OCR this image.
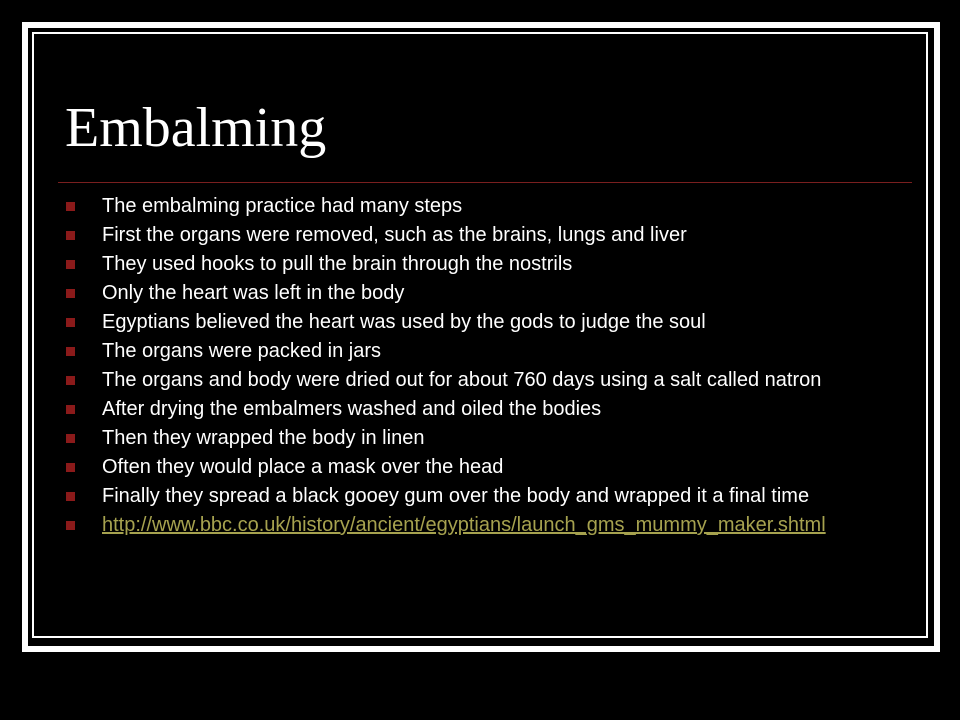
Embalming
The embalming practice had many steps
First the organs were removed, such as the brains, lungs and liver
They used hooks to pull the brain through the nostrils
Only the heart was left in the body
Egyptians believed the heart was used by the gods to judge the soul
The organs were packed in jars
The organs and body were dried out for about 760 days using a salt called natron
After drying the embalmers washed and oiled the bodies
Then they wrapped the body in linen
Often they would place a mask over the head
Finally they spread a black gooey gum over the body and wrapped it a final time
http://www.bbc.co.uk/history/ancient/egyptians/launch_gms_mummy_maker.shtml
